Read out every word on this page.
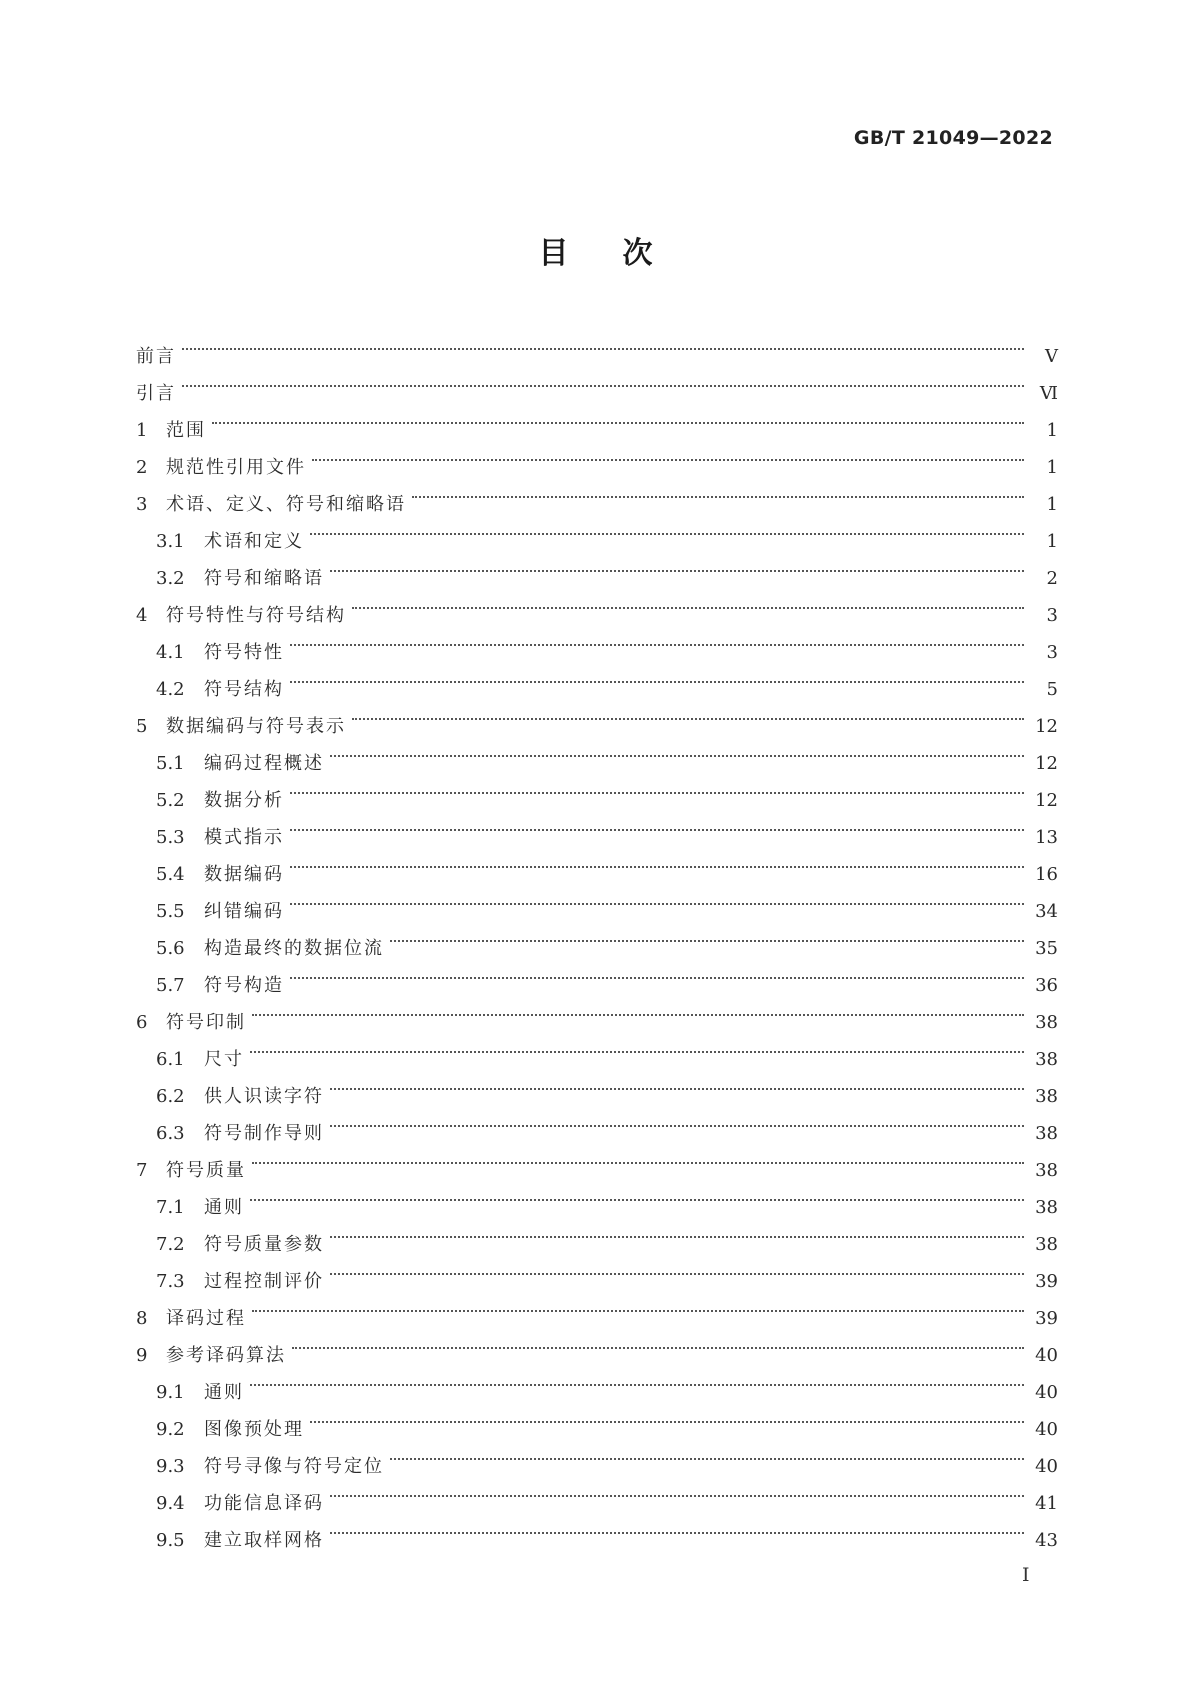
GB/T 21049—2022
目次
前言	Ⅴ
引言	Ⅵ
1	范围	1
2	规范性引用文件	1
3	术语、定义、符号和缩略语	1
3.1	术语和定义	1
3.2	符号和缩略语	2
4	符号特性与符号结构	3
4.1	符号特性	3
4.2	符号结构	5
5	数据编码与符号表示	12
5.1	编码过程概述	12
5.2	数据分析	12
5.3	模式指示	13
5.4	数据编码	16
5.5	纠错编码	34
5.6	构造最终的数据位流	35
5.7	符号构造	36
6	符号印制	38
6.1	尺寸	38
6.2	供人识读字符	38
6.3	符号制作导则	38
7	符号质量	38
7.1	通则	38
7.2	符号质量参数	38
7.3	过程控制评价	39
8	译码过程	39
9	参考译码算法	40
9.1	通则	40
9.2	图像预处理	40
9.3	符号寻像与符号定位	40
9.4	功能信息译码	41
9.5	建立取样网格	43
I
